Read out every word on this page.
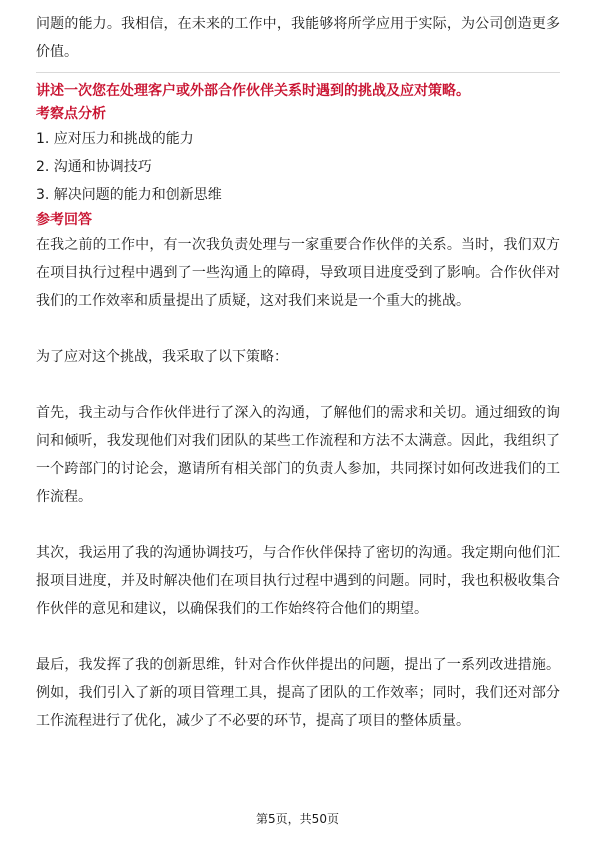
问题的能力。我相信，在未来的工作中，我能够将所学应用于实际，为公司创造更多价值。

讲述一次您在处理客户或外部合作伙伴关系时遇到的挑战及应对策略。

考察点分析

1. 应对压力和挑战的能力

2. 沟通和协调技巧

3. 解决问题的能力和创新思维

参考回答

在我之前的工作中，有一次我负责处理与一家重要合作伙伴的关系。当时，我们双方在项目执行过程中遇到了一些沟通上的障碍，导致项目进度受到了影响。合作伙伴对我们的工作效率和质量提出了质疑，这对我们来说是一个重大的挑战。

为了应对这个挑战，我采取了以下策略：

首先，我主动与合作伙伴进行了深入的沟通，了解他们的需求和关切。通过细致的询问和倾听，我发现他们对我们团队的某些工作流程和方法不太满意。因此，我组织了一个跨部门的讨论会，邀请所有相关部门的负责人参加，共同探讨如何改进我们的工作流程。

其次，我运用了我的沟通协调技巧，与合作伙伴保持了密切的沟通。我定期向他们汇报项目进度，并及时解决他们在项目执行过程中遇到的问题。同时，我也积极收集合作伙伴的意见和建议，以确保我们的工作始终符合他们的期望。

最后，我发挥了我的创新思维，针对合作伙伴提出的问题，提出了一系列改进措施。例如，我们引入了新的项目管理工具，提高了团队的工作效率；同时，我们还对部分工作流程进行了优化，减少了不必要的环节，提高了项目的整体质量。

第5页，共50页
